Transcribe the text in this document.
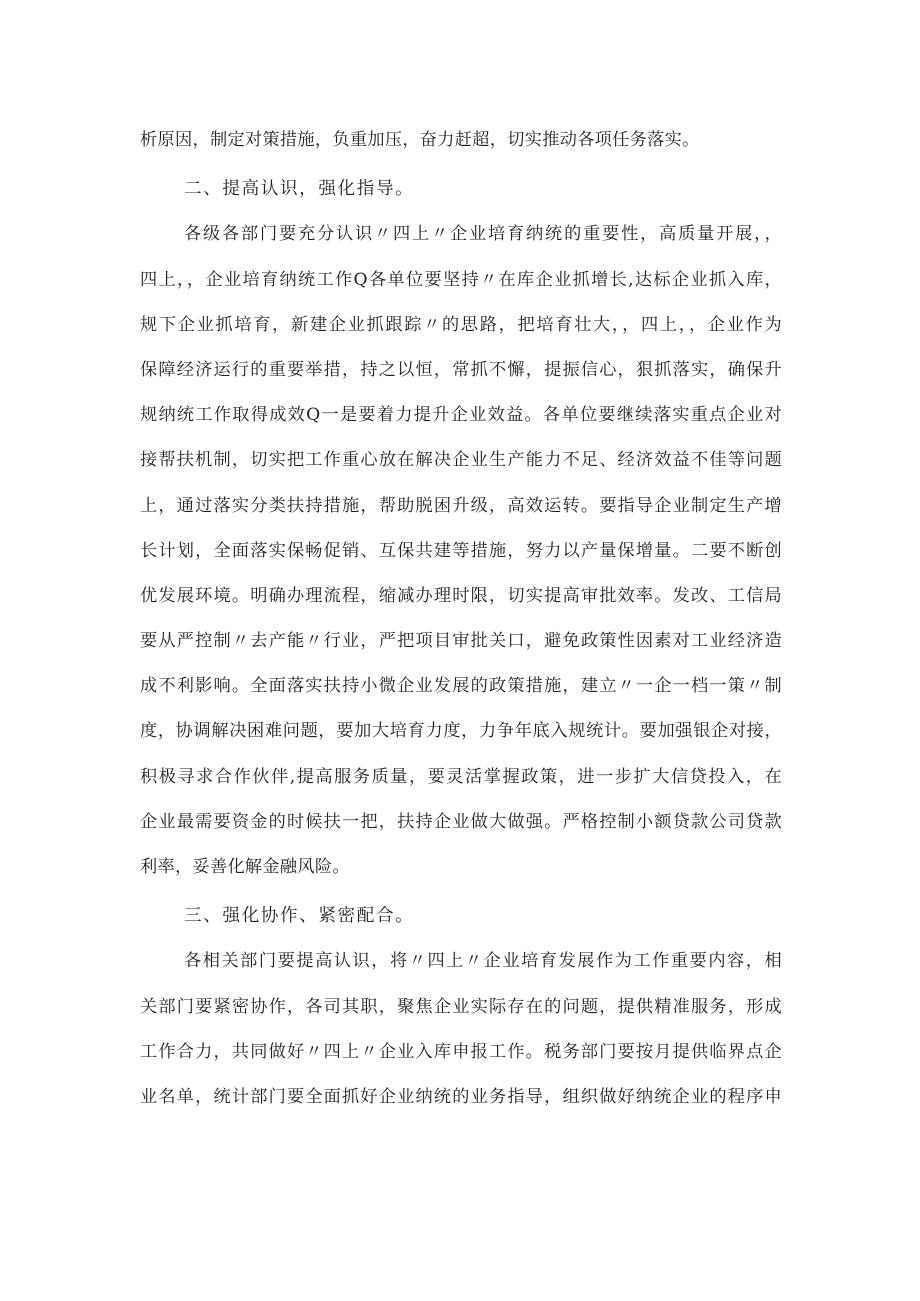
析原因，制定对策措施，负重加压，奋力赶超，切实推动各项任务落实。
二、提高认识，强化指导。
各级各部门要充分认识〃四上〃企业培育纳统的重要性，高质量开展，，
四上，，企业培育纳统工作Q各单位要坚持〃在库企业抓增长,达标企业抓入库，
规下企业抓培育，新建企业抓跟踪〃的思路，把培育壮大，，四上，，企业作为
保障经济运行的重要举措，持之以恒，常抓不懈，提振信心，狠抓落实，确保升
规纳统工作取得成效Q一是要着力提升企业效益。各单位要继续落实重点企业对
接帮扶机制，切实把工作重心放在解决企业生产能力不足、经济效益不佳等问题
上，通过落实分类扶持措施，帮助脱困升级，高效运转。要指导企业制定生产增
长计划，全面落实保畅促销、互保共建等措施，努力以产量保增量。二要不断创
优发展环境。明确办理流程，缩减办理时限，切实提高审批效率。发改、工信局
要从严控制〃去产能〃行业，严把项目审批关口，避免政策性因素对工业经济造
成不利影响。全面落实扶持小微企业发展的政策措施，建立〃一企一档一策〃制
度，协调解决困难问题，要加大培育力度，力争年底入规统计。要加强银企对接，
积极寻求合作伙伴,提高服务质量，要灵活掌握政策，进一步扩大信贷投入，在
企业最需要资金的时候扶一把，扶持企业做大做强。严格控制小额贷款公司贷款
利率，妥善化解金融风险。
三、强化协作、紧密配合。
各相关部门要提高认识，将〃四上〃企业培育发展作为工作重要内容，相
关部门要紧密协作，各司其职，聚焦企业实际存在的问题，提供精准服务，形成
工作合力，共同做好〃四上〃企业入库申报工作。税务部门要按月提供临界点企
业名单，统计部门要全面抓好企业纳统的业务指导，组织做好纳统企业的程序申
